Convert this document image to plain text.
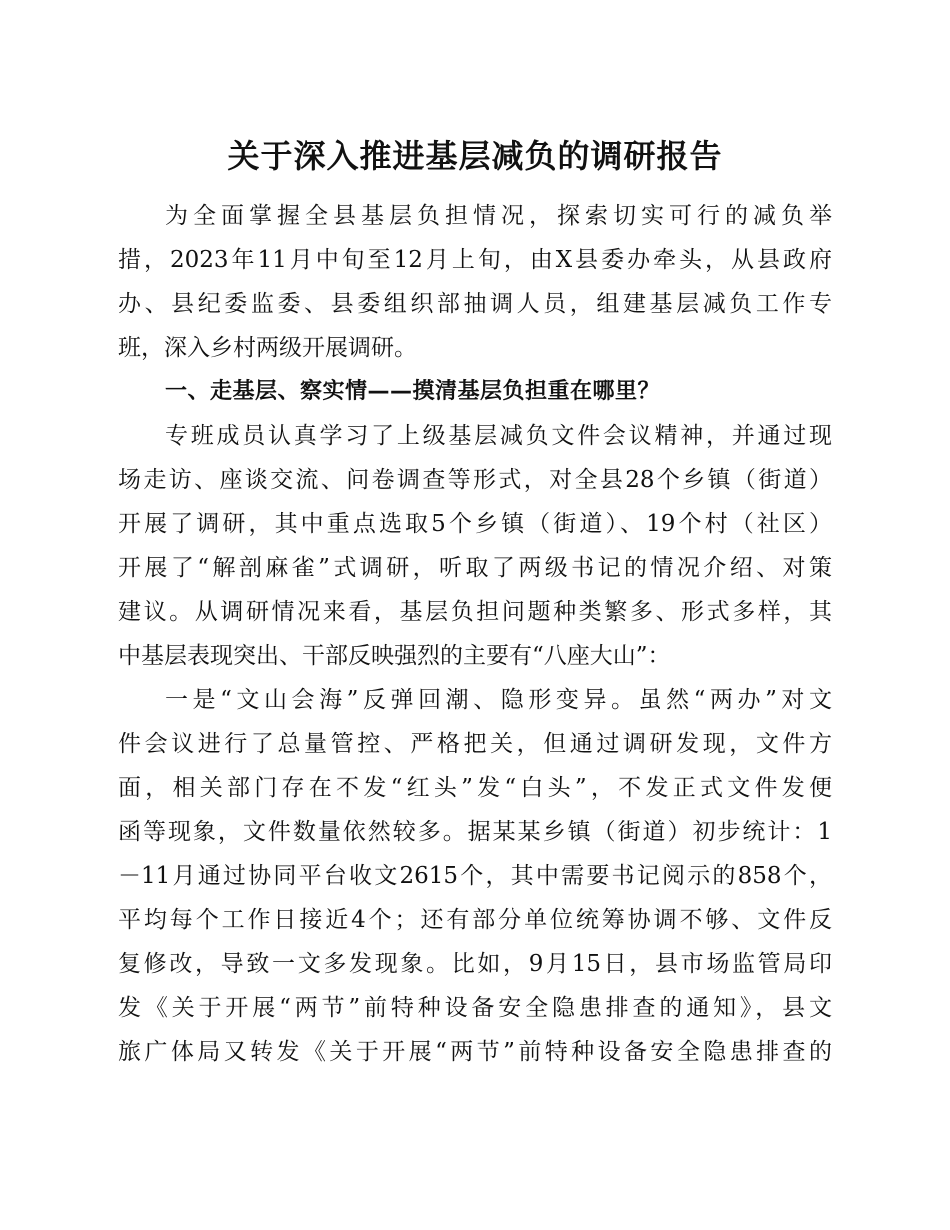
关于深入推进基层减负的调研报告

为全面掌握全县基层负担情况，探索切实可行的减负举

措，2023年11月中旬至12月上旬，由X县委办牵头，从县政府

办、县纪委监委、县委组织部抽调人员，组建基层减负工作专

班，深入乡村两级开展调研。

一、走基层、察实情——摸清基层负担重在哪里？

专班成员认真学习了上级基层减负文件会议精神，并通过现

场走访、座谈交流、问卷调查等形式，对全县28个乡镇（街道）

开展了调研，其中重点选取5个乡镇（街道）、19个村（社区）

开展了“解剖麻雀”式调研，听取了两级书记的情况介绍、对策

建议。从调研情况来看，基层负担问题种类繁多、形式多样，其

中基层表现突出、干部反映强烈的主要有“八座大山”：

一是“文山会海”反弹回潮、隐形变异。虽然“两办”对文

件会议进行了总量管控、严格把关，但通过调研发现，文件方

面，相关部门存在不发“红头”发“白头”，不发正式文件发便

函等现象，文件数量依然较多。据某某乡镇（街道）初步统计：1

－11月通过协同平台收文2615个，其中需要书记阅示的858个，

平均每个工作日接近4个；还有部分单位统筹协调不够、文件反

复修改，导致一文多发现象。比如，9月15日，县市场监管局印

发《关于开展“两节”前特种设备安全隐患排查的通知》，县文

旅广体局又转发《关于开展“两节”前特种设备安全隐患排查的
